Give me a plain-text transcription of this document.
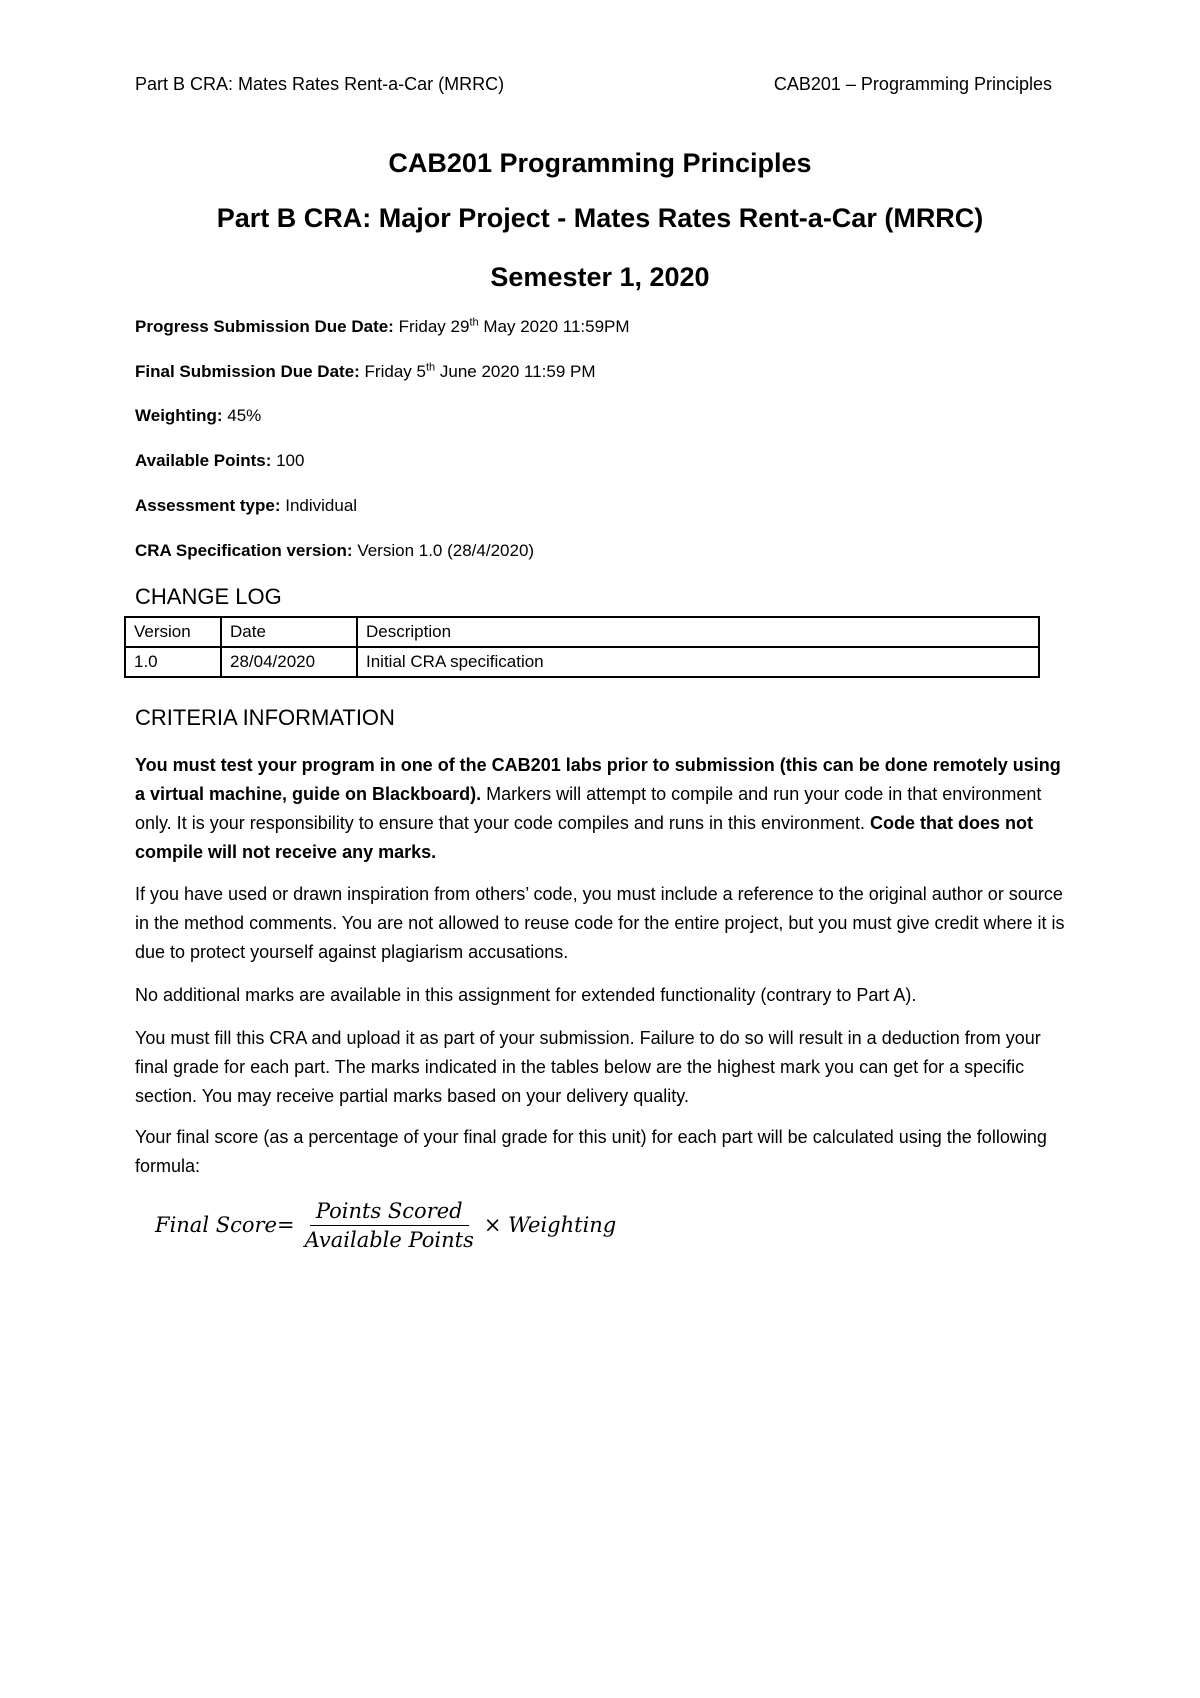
Part B CRA: Mates Rates Rent-a-Car (MRRC)	CAB201 – Programming Principles
CAB201 Programming Principles
Part B CRA: Major Project - Mates Rates Rent-a-Car (MRRC)
Semester 1, 2020
Progress Submission Due Date: Friday 29th May 2020 11:59PM
Final Submission Due Date: Friday 5th June 2020 11:59 PM
Weighting: 45%
Available Points: 100
Assessment type: Individual
CRA Specification version: Version 1.0 (28/4/2020)
CHANGE LOG
Version	Date	Description
1.0	28/04/2020	Initial CRA specification
CRITERIA INFORMATION
You must test your program in one of the CAB201 labs prior to submission (this can be done remotely using a virtual machine, guide on Blackboard). Markers will attempt to compile and run your code in that environment only. It is your responsibility to ensure that your code compiles and runs in this environment. Code that does not compile will not receive any marks.
If you have used or drawn inspiration from others’ code, you must include a reference to the original author or source in the method comments. You are not allowed to reuse code for the entire project, but you must give credit where it is due to protect yourself against plagiarism accusations.
No additional marks are available in this assignment for extended functionality (contrary to Part A).
You must fill this CRA and upload it as part of your submission. Failure to do so will result in a deduction from your final grade for each part. The marks indicated in the tables below are the highest mark you can get for a specific section. You may receive partial marks based on your delivery quality.
Your final score (as a percentage of your final grade for this unit) for each part will be calculated using the following formula:
Final Score= $\frac{\text{Points Scored}}{\text{Available Points}}$ × Weighting
